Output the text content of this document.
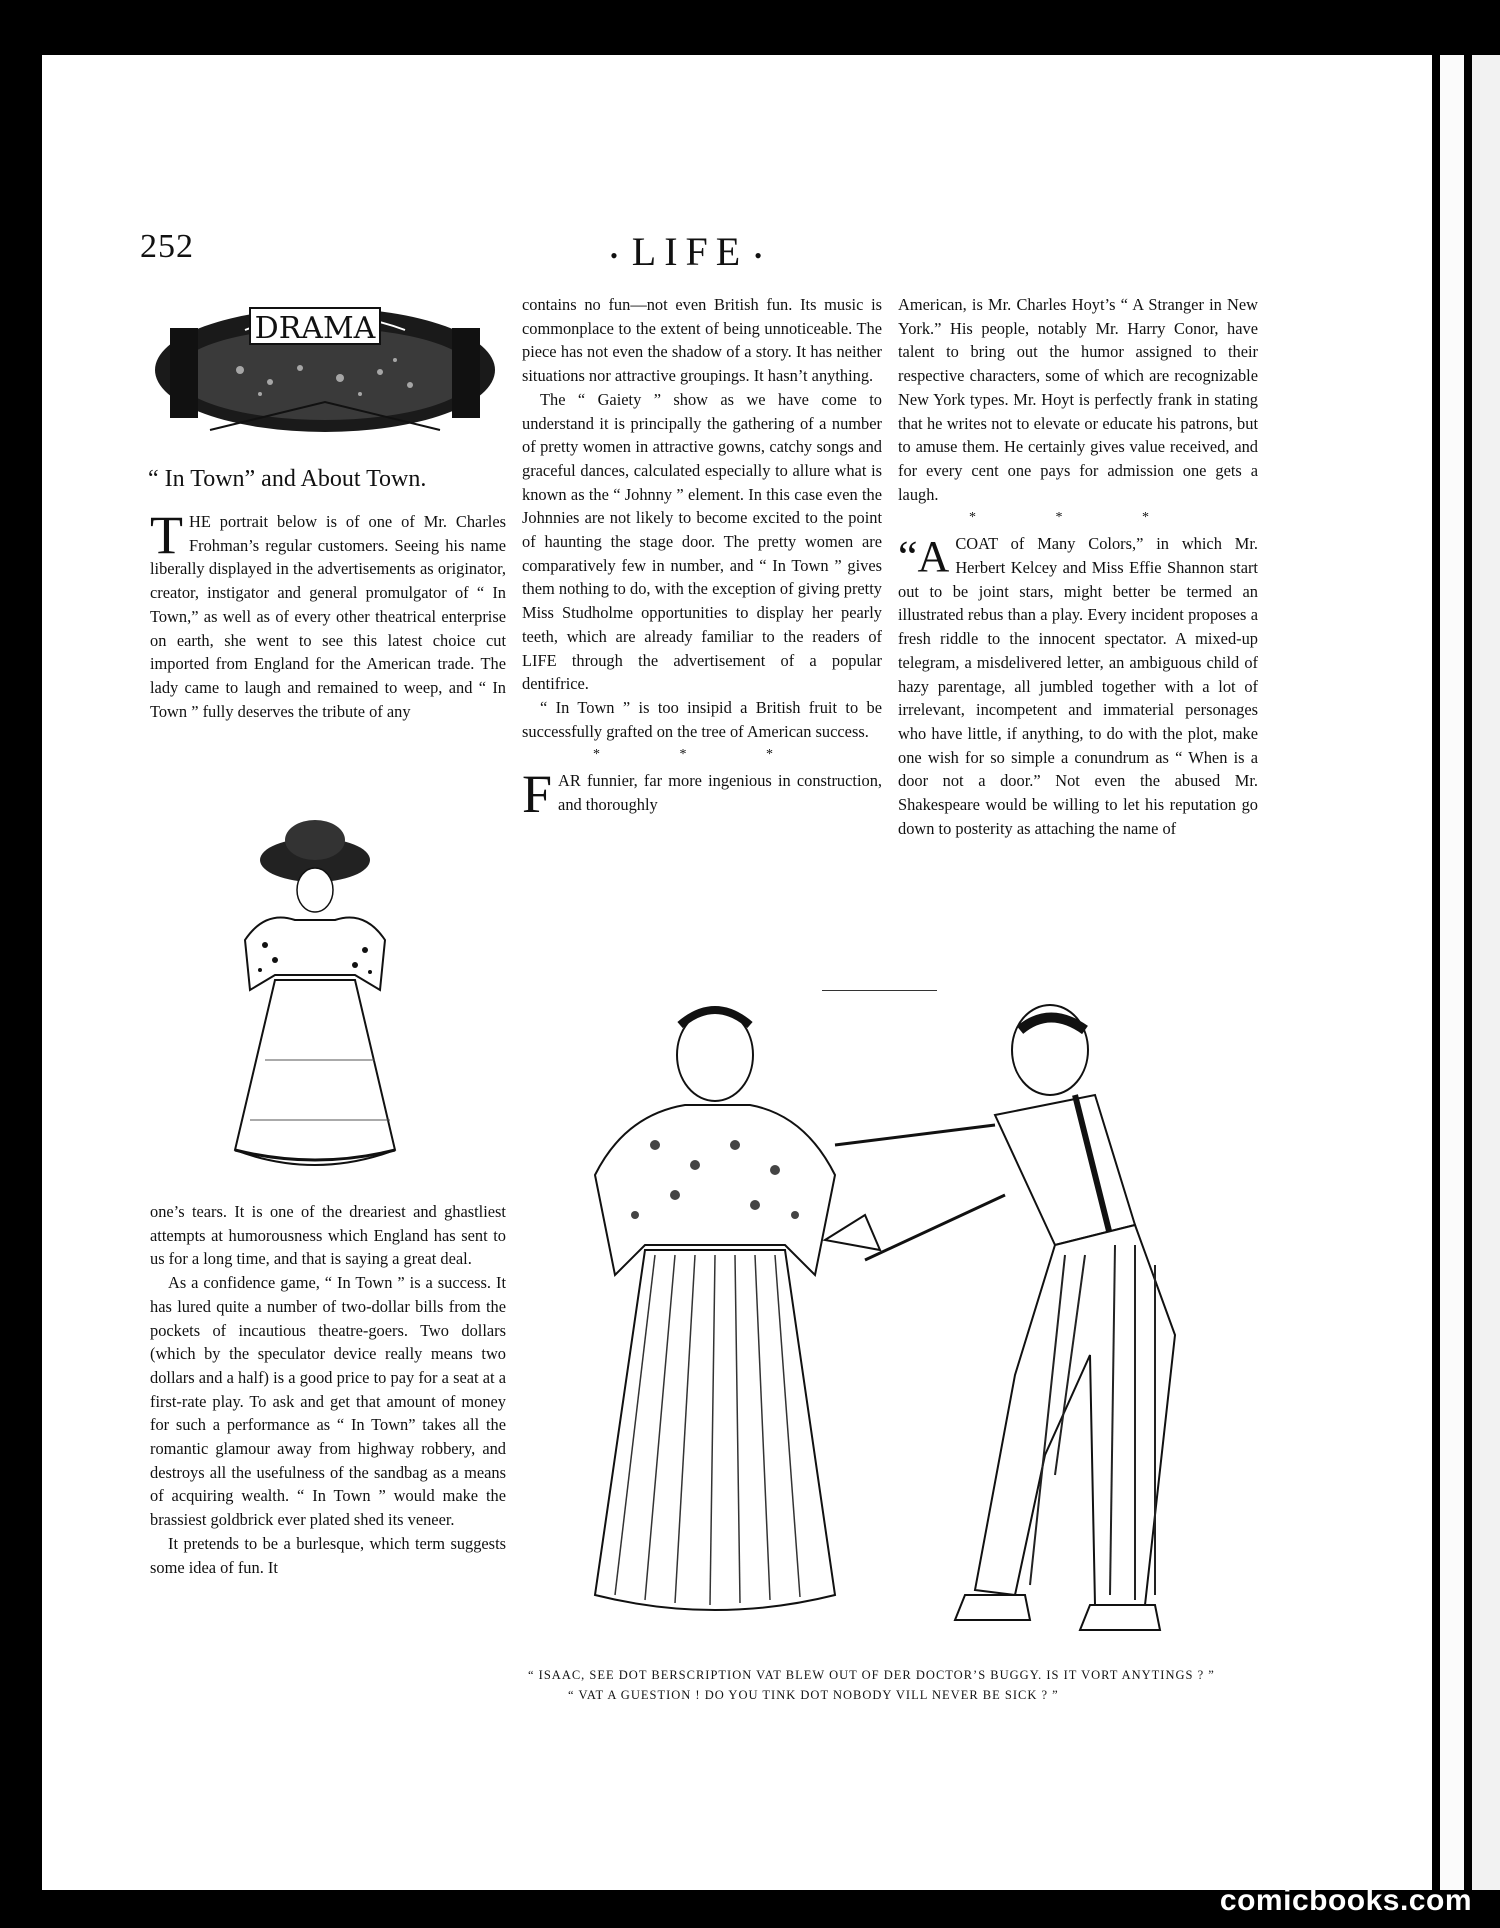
252	• LIFE •
DRAMA
“ In Town” and About Town.

THE portrait below is of one of Mr. Charles Frohman’s regular customers. Seeing his name liberally displayed in the advertisements as originator, creator, instigator and general promulgator of “ In Town,” as well as of every other theatrical enterprise on earth, she went to see this latest choice cut imported from England for the American trade. The lady came to laugh and remained to weep, and “ In Town ” fully deserves the tribute of any

one’s tears. It is one of the dreariest and ghastliest attempts at humorousness which England has sent to us for a long time, and that is saying a great deal.

As a confidence game, “ In Town ” is a success. It has lured quite a number of two-dollar bills from the pockets of incautious theatre-goers. Two dollars (which by the speculator device really means two dollars and a half) is a good price to pay for a seat at a first-rate play. To ask and get that amount of money for such a performance as “ In Town” takes all the romantic glamour away from highway robbery, and destroys all the usefulness of the sandbag as a means of acquiring wealth. “ In Town ” would make the brassiest goldbrick ever plated shed its veneer.

It pretends to be a burlesque, which term suggests some idea of fun. It

contains no fun—not even British fun. Its music is commonplace to the extent of being unnoticeable. The piece has not even the shadow of a story. It has neither situations nor attractive groupings. It hasn’t anything.

The “ Gaiety ” show as we have come to understand it is principally the gathering of a number of pretty women in attractive gowns, catchy songs and graceful dances, calculated especially to allure what is known as the “ Johnny ” element. In this case even the Johnnies are not likely to become excited to the point of haunting the stage door. The pretty women are comparatively few in number, and “ In Town ” gives them nothing to do, with the exception of giving pretty Miss Studholme opportunities to display her pearly teeth, which are already familiar to the readers of LIFE through the advertisement of a popular dentifrice.

“ In Town ” is too insipid a British fruit to be successfully grafted on the tree of American success.

* * *

FAR funnier, far more ingenious in construction, and thoroughly

American, is Mr. Charles Hoyt’s “ A Stranger in New York.” His people, notably Mr. Harry Conor, have talent to bring out the humor assigned to their respective characters, some of which are recognizable New York types. Mr. Hoyt is perfectly frank in stating that he writes not to elevate or educate his patrons, but to amuse them. He certainly gives value received, and for every cent one pays for admission one gets a laugh.

* * *

“ACOAT of Many Colors,” in which Mr. Herbert Kelcey and Miss Effie Shannon start out to be joint stars, might better be termed an illustrated rebus than a play. Every incident proposes a fresh riddle to the innocent spectator. A mixed-up telegram, a misdelivered letter, an ambiguous child of hazy parentage, all jumbled together with a lot of irrelevant, incompetent and immaterial personages who have little, if anything, to do with the plot, make one wish for so simple a conundrum as “ When is a door not a door.” Not even the abused Mr. Shakespeare would be willing to let his reputation go down to posterity as attaching the name of

“ ISAAC, SEE DOT BERSCRIPTION VAT BLEW OUT OF DER DOCTOR’S BUGGY. IS IT VORT ANYTINGS ? ”

“ VAT A GUESTION ! DO YOU TINK DOT NOBODY VILL NEVER BE SICK ? ”

comicbooks.com
